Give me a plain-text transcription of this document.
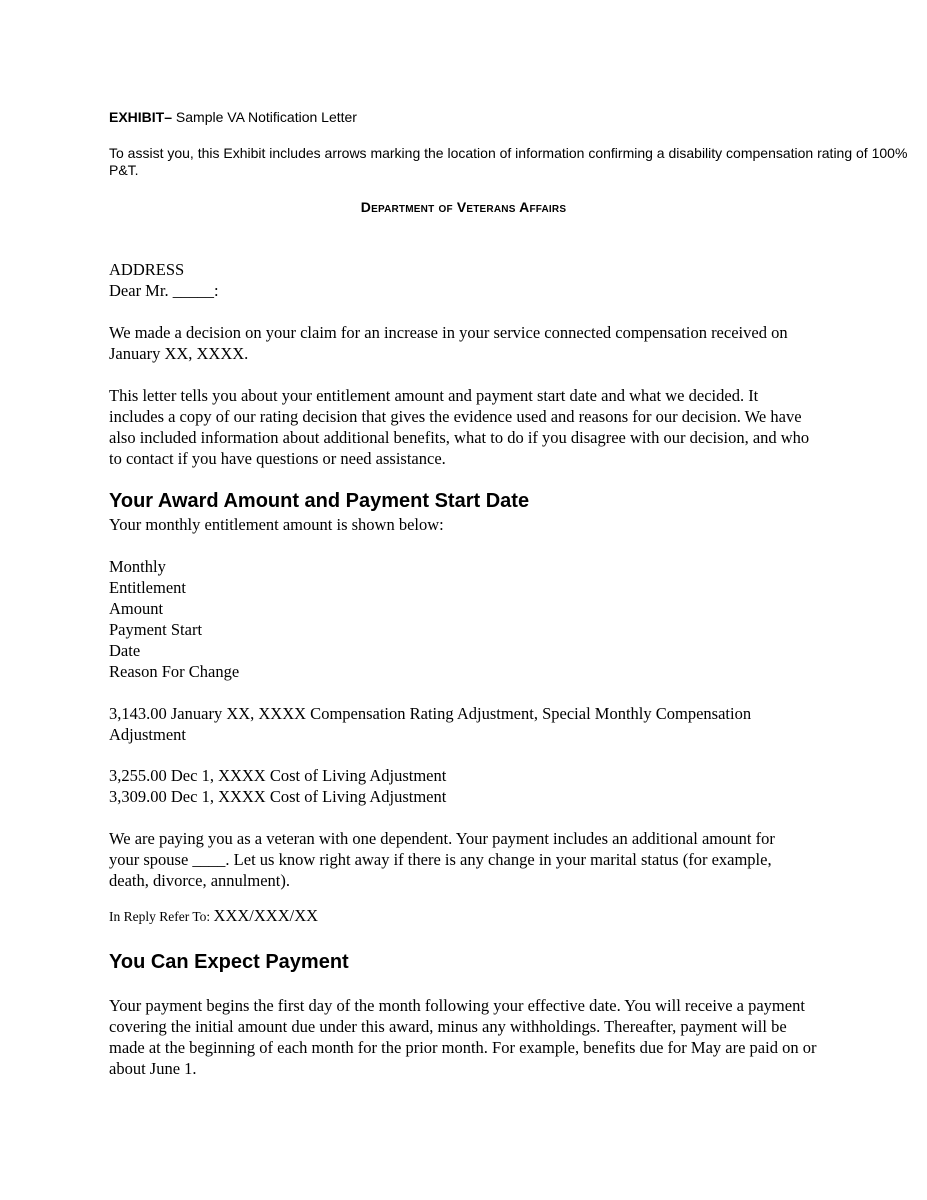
EXHIBIT– Sample VA Notification Letter
To assist you, this Exhibit includes arrows marking the location of information confirming a disability compensation rating of 100% P&T.
Department of Veterans Affairs
ADDRESS
Dear Mr. _____:
We made a decision on your claim for an increase in your service connected compensation received on January XX, XXXX.
This letter tells you about your entitlement amount and payment start date and what we decided. It includes a copy of our rating decision that gives the evidence used and reasons for our decision. We have also included information about additional benefits, what to do if you disagree with our decision, and who to contact if you have questions or need assistance.
Your Award Amount and Payment Start Date
Your monthly entitlement amount is shown below:
Monthly
Entitlement
Amount
Payment Start
Date
Reason For Change
3,143.00 January XX, XXXX Compensation Rating Adjustment, Special Monthly Compensation Adjustment
3,255.00 Dec 1, XXXX Cost of Living Adjustment
3,309.00 Dec 1, XXXX Cost of Living Adjustment
We are paying you as a veteran with one dependent. Your payment includes an additional amount for your spouse ____. Let us know right away if there is any change in your marital status (for example, death, divorce, annulment).
In Reply Refer To: XXX/XXX/XX
You Can Expect Payment
Your payment begins the first day of the month following your effective date. You will receive a payment covering the initial amount due under this award, minus any withholdings. Thereafter, payment will be made at the beginning of each month for the prior month. For example, benefits due for May are paid on or about June 1.
